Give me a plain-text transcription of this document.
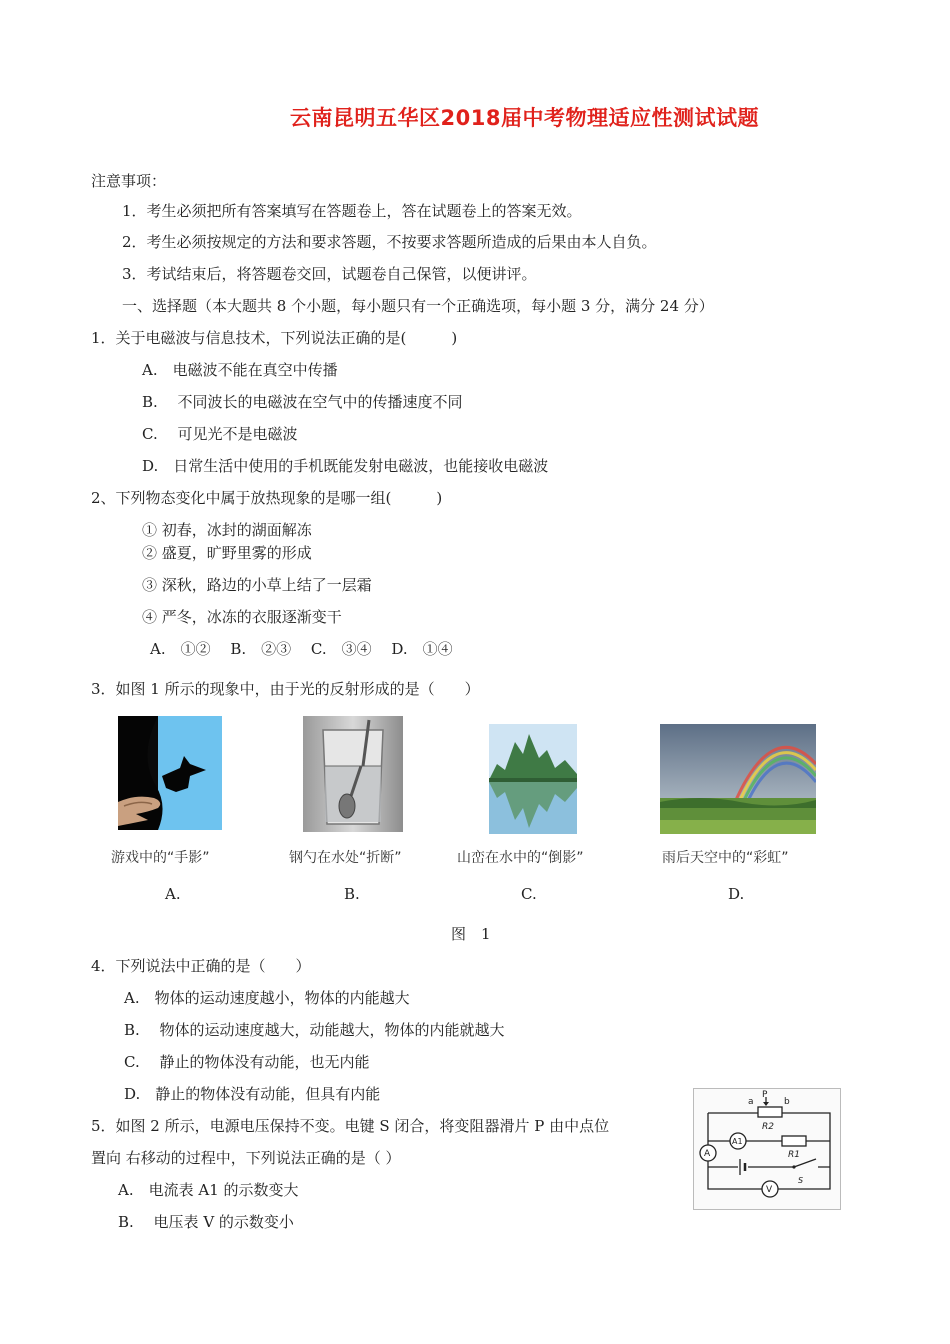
云南昆明五华区2018届中考物理适应性测试试题
注意事项：
1．考生必须把所有答案填写在答题卷上，答在试题卷上的答案无效。
2．考生必须按规定的方法和要求答题，不按要求答题所造成的后果由本人自负。
3．考试结束后，将答题卷交回，试题卷自己保管，以便讲评。
一、选择题（本大题共 8 个小题，每小题只有一个正确选项，每小题 3 分，满分 24 分）
1．关于电磁波与信息技术，下列说法正确的是(　　　)
A.　电磁波不能在真空中传播
B.　 不同波长的电磁波在空气中的传播速度不同
C.　 可见光不是电磁波
D.　日常生活中使用的手机既能发射电磁波，也能接收电磁波
2、下列物态变化中属于放热现象的是哪一组(　　　)
① 初春，冰封的湖面解冻
② 盛夏，旷野里雾的形成
③ 深秋，路边的小草上结了一层霜
④ 严冬，冰冻的衣服逐渐变干
A.　①②　 B.　②③　 C.　③④　 D.　①④
3．如图 1 所示的现象中，由于光的反射形成的是（　　）
游戏中的“手影”	钢勺在水处“折断”	山峦在水中的“倒影”	雨后天空中的“彩虹”
A.	B.	C.	D.
图　1
4．下列说法中正确的是（　　）
A.　物体的运动速度越小，物体的内能越大
B.　 物体的运动速度越大，动能越大，物体的内能就越大
C.　 静止的物体没有动能，也无内能
D.　静止的物体没有动能，但具有内能
5．如图 2 所示，电源电压保持不变。电键 S 闭合，将变阻器滑片 P 由中点位
置向 右移动的过程中，下列说法正确的是（ ）
A.　电流表 A1 的示数变大
B.　 电压表 V 的示数变小
a
P
b
R2
R1
A1
A
V
S
